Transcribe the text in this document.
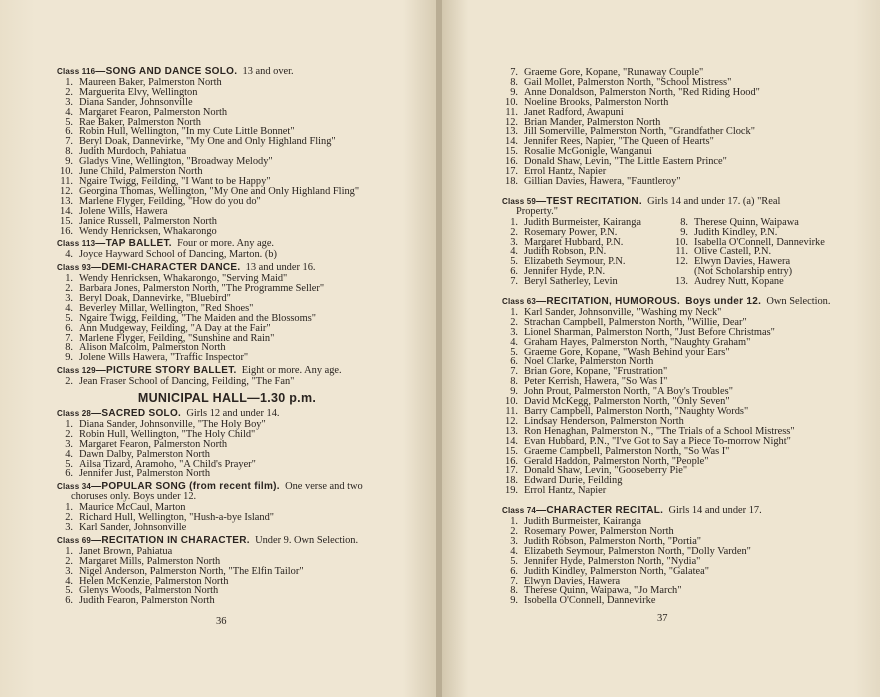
Class 116—SONG AND DANCE SOLO. 13 and over.
1. Maureen Baker, Palmerston North
2. Marguerita Elvy, Wellington
3. Diana Sander, Johnsonville
4. Margaret Fearon, Palmerston North
5. Rae Baker, Palmerston North
6. Robin Hull, Wellington, "In my Cute Little Bonnet"
7. Beryl Doak, Dannevirke, "My One and Only Highland Fling"
8. Judith Murdoch, Pahiatua
9. Gladys Vine, Wellington, "Broadway Melody"
10. June Child, Palmerston North
11. Ngaire Twigg, Feilding, "I Want to be Happy"
12. Georgina Thomas, Wellington, "My One and Only Highland Fling"
13. Marlene Flyger, Feilding, "How do you do"
14. Jolene Wills, Hawera
15. Janice Russell, Palmerston North
16. Wendy Henricksen, Whakarongo
Class 113—TAP BALLET. Four or more. Any age.
4. Joyce Hayward School of Dancing, Marton. (b)
Class 93—DEMI-CHARACTER DANCE. 13 and under 16.
1. Wendy Henricksen, Whakarongo, "Serving Maid"
2. Barbara Jones, Palmerston North, "The Programme Seller"
3. Beryl Doak, Dannevirke, "Bluebird"
4. Beverley Millar, Wellington, "Red Shoes"
5. Ngaire Twigg, Feilding, "The Maiden and the Blossoms"
6. Ann Mudgeway, Feilding, "A Day at the Fair"
7. Marlene Flyger, Feilding, "Sunshine and Rain"
8. Alison Malcolm, Palmerston North
9. Jolene Wills Hawera, "Traffic Inspector"
Class 129—PICTURE STORY BALLET. Eight or more. Any age.
2. Jean Fraser School of Dancing, Feilding, "The Fan"
MUNICIPAL HALL—1.30 p.m.
Class 28—SACRED SOLO. Girls 12 and under 14.
1. Diana Sander, Johnsonville, "The Holy Boy"
2. Robin Hull, Wellington, "The Holy Child"
3. Margaret Fearon, Palmerston North
4. Dawn Dalby, Palmerston North
5. Ailsa Tizard, Aramoho, "A Child's Prayer"
6. Jennifer Just, Palmerston North
Class 34—POPULAR SONG (from recent film). One verse and two
choruses only. Boys under 12.
1. Maurice McCaul, Marton
2. Richard Hull, Wellington, "Hush-a-bye Island"
3. Karl Sander, Johnsonville
Class 69—RECITATION IN CHARACTER. Under 9. Own Selection.
1. Janet Brown, Pahiatua
2. Margaret Mills, Palmerston North
3. Nigel Anderson, Palmerston North, "The Elfin Tailor"
4. Helen McKenzie, Palmerston North
5. Glenys Woods, Palmerston North
6. Judith Fearon, Palmerston North
36
7. Graeme Gore, Kopane, "Runaway Couple"
8. Gail Mollet, Palmerston North, "School Mistress"
9. Anne Donaldson, Palmerston North, "Red Riding Hood"
10. Noeline Brooks, Palmerston North
11. Janet Radford, Awapuni
12. Brian Mander, Palmerston North
13. Jill Somerville, Palmerston North, "Grandfather Clock"
14. Jennifer Rees, Napier, "The Queen of Hearts"
15. Rosalie McGonigle, Wanganui
16. Donald Shaw, Levin, "The Little Eastern Prince"
17. Errol Hantz, Napier
18. Gillian Davies, Hawera, "Fauntleroy"
Class 59—TEST RECITATION. Girls 14 and under 17. (a) "Real
Property."
1. Judith Burmeister, Kairanga
2. Rosemary Power, P.N.
3. Margaret Hubbard, P.N.
4. Judith Robson, P.N.
5. Elizabeth Seymour, P.N.
6. Jennifer Hyde, P.N.
7. Beryl Satherley, Levin
8. Therese Quinn, Waipawa
9. Judith Kindley, P.N.
10. Isabella O'Connell, Dannevirke
11. Olive Castell, P.N.
12. Elwyn Davies, Hawera
(Not Scholarship entry)
13. Audrey Nutt, Kopane
Class 63—RECITATION, HUMOROUS. Boys under 12. Own Selection.
1. Karl Sander, Johnsonville, "Washing my Neck"
2. Strachan Campbell, Palmerston North, "Willie, Dear"
3. Lionel Sharman, Palmerston North, "Just Before Christmas"
4. Graham Hayes, Palmerston North, "Naughty Graham"
5. Graeme Gore, Kopane, "Wash Behind your Ears"
6. Noel Clarke, Palmerston North
7. Brian Gore, Kopane, "Frustration"
8. Peter Kerrish, Hawera, "So Was I"
9. John Prout, Palmerston North, "A Boy's Troubles"
10. David McKegg, Palmerston North, "Only Seven"
11. Barry Campbell, Palmerston North, "Naughty Words"
12. Lindsay Henderson, Palmerston North
13. Ron Henaghan, Palmerston N., "The Trials of a School Mistress"
14. Evan Hubbard, P.N., "I've Got to Say a Piece To-morrow Night"
15. Graeme Campbell, Palmerston North, "So Was I"
16. Gerald Haddon, Palmerston North, "People"
17. Donald Shaw, Levin, "Gooseberry Pie"
18. Edward Durie, Feilding
19. Errol Hantz, Napier
Class 74—CHARACTER RECITAL. Girls 14 and under 17.
1. Judith Burmeister, Kairanga
2. Rosemary Power, Palmerston North
3. Judith Robson, Palmerston North, "Portia"
4. Elizabeth Seymour, Palmerston North, "Dolly Varden"
5. Jennifer Hyde, Palmerston North, "Nydia"
6. Judith Kindley, Palmerston North, "Galatea"
7. Elwyn Davies, Hawera
8. Therese Quinn, Waipawa, "Jo March"
9. Isobella O'Connell, Dannevirke
37
